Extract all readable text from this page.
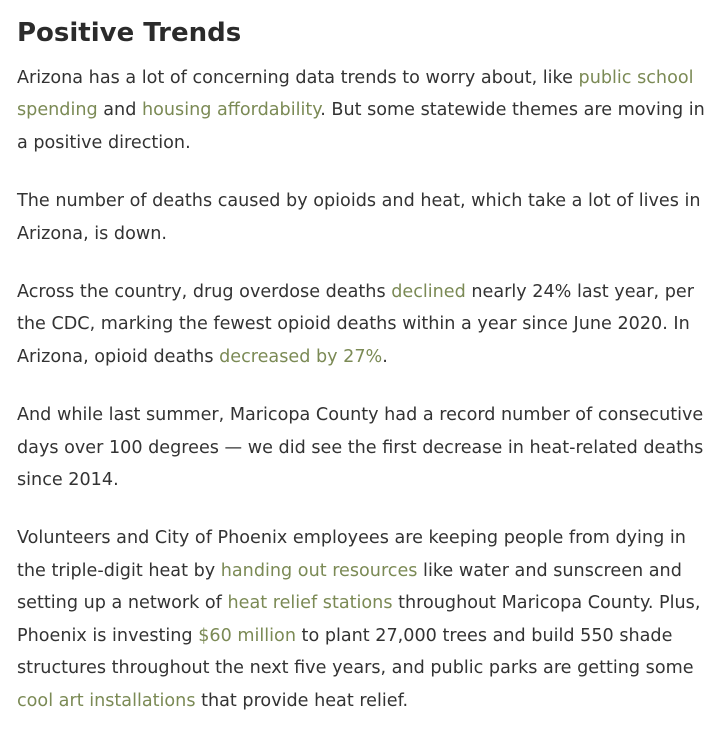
Positive Trends

Arizona has a lot of concerning data trends to worry about, like public school spending and housing affordability. But some statewide themes are moving in a positive direction.

The number of deaths caused by opioids and heat, which take a lot of lives in Arizona, is down.

Across the country, drug overdose deaths declined nearly 24% last year, per the CDC, marking the fewest opioid deaths within a year since June 2020. In Arizona, opioid deaths decreased by 27%.

And while last summer, Maricopa County had a record number of consecutive days over 100 degrees — we did see the first decrease in heat-related deaths since 2014.

Volunteers and City of Phoenix employees are keeping people from dying in the triple-digit heat by handing out resources like water and sunscreen and setting up a network of heat relief stations throughout Maricopa County. Plus, Phoenix is investing $60 million to plant 27,000 trees and build 550 shade structures throughout the next five years, and public parks are getting some cool art installations that provide heat relief.
